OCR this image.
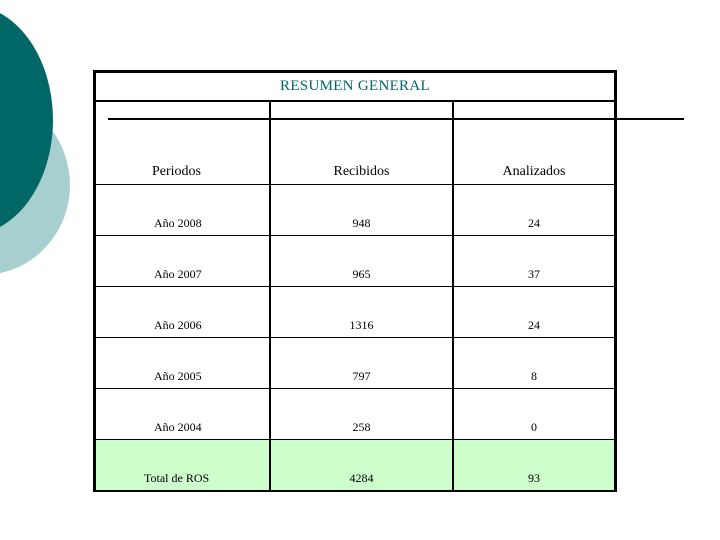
RESUMEN GENERAL
Periodos	Recibidos	Analizados
Año 2008	948	24
Año 2007	965	37
Año 2006	1316	24
Año 2005	797	8
Año 2004	258	0
Total de ROS	4284	93
